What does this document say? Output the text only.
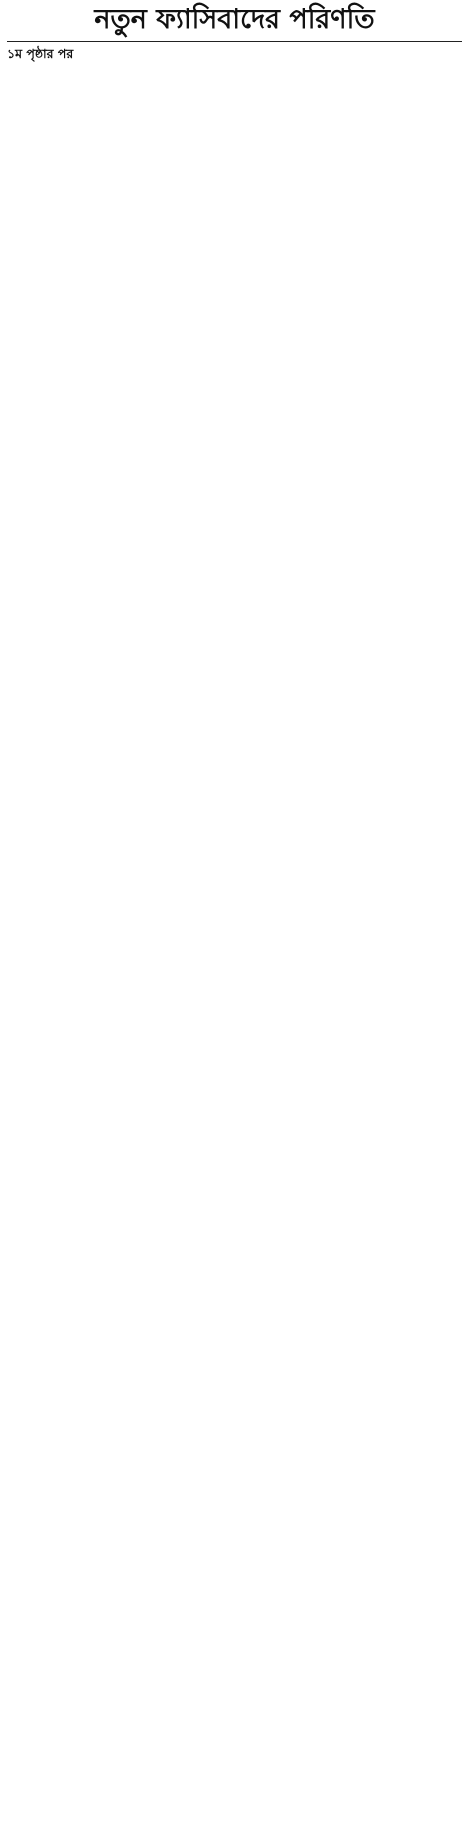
নতুন ফ্যাসিবাদের পরিণতি
১ম পৃষ্ঠার পর
